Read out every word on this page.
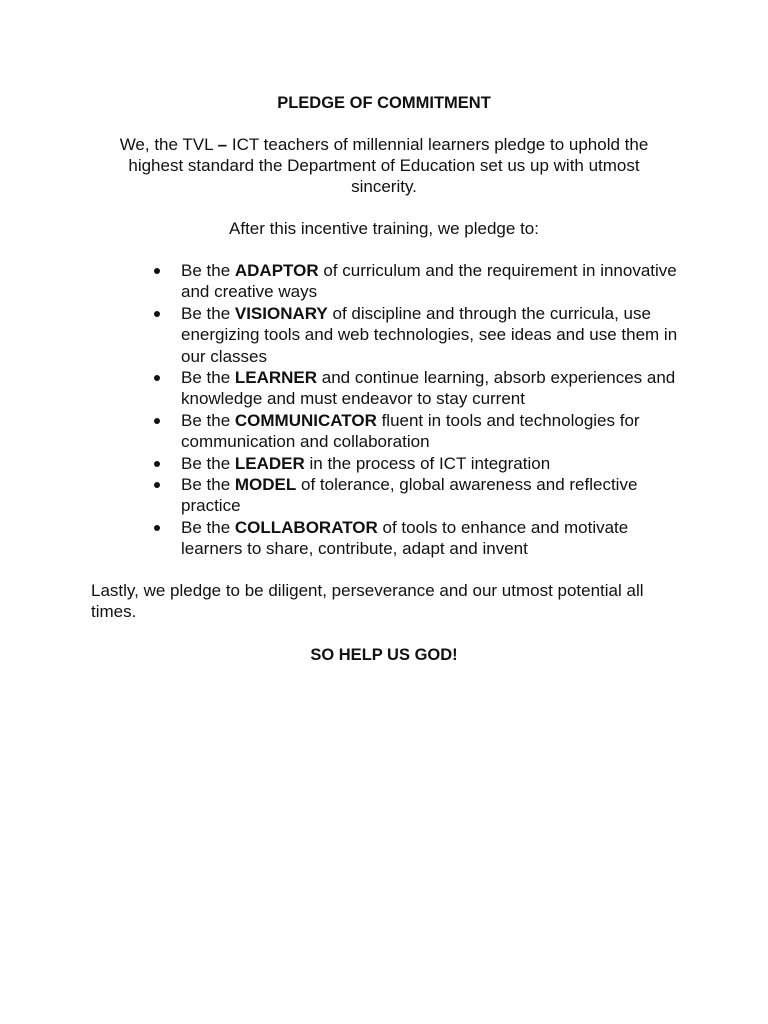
PLEDGE OF COMMITMENT

We, the TVL – ICT teachers of millennial learners pledge to uphold the highest standard the Department of Education set us up with utmost sincerity.

After this incentive training, we pledge to:

Be the ADAPTOR of curriculum and the requirement in innovative and creative ways
Be the VISIONARY of discipline and through the curricula, use energizing tools and web technologies, see ideas and use them in our classes
Be the LEARNER and continue learning, absorb experiences and knowledge and must endeavor to stay current
Be the COMMUNICATOR fluent in tools and technologies for communication and collaboration
Be the LEADER in the process of ICT integration
Be the MODEL of tolerance, global awareness and reflective practice
Be the COLLABORATOR of tools to enhance and motivate learners to share, contribute, adapt and invent

Lastly, we pledge to be diligent, perseverance and our utmost potential all times.

SO HELP US GOD!
